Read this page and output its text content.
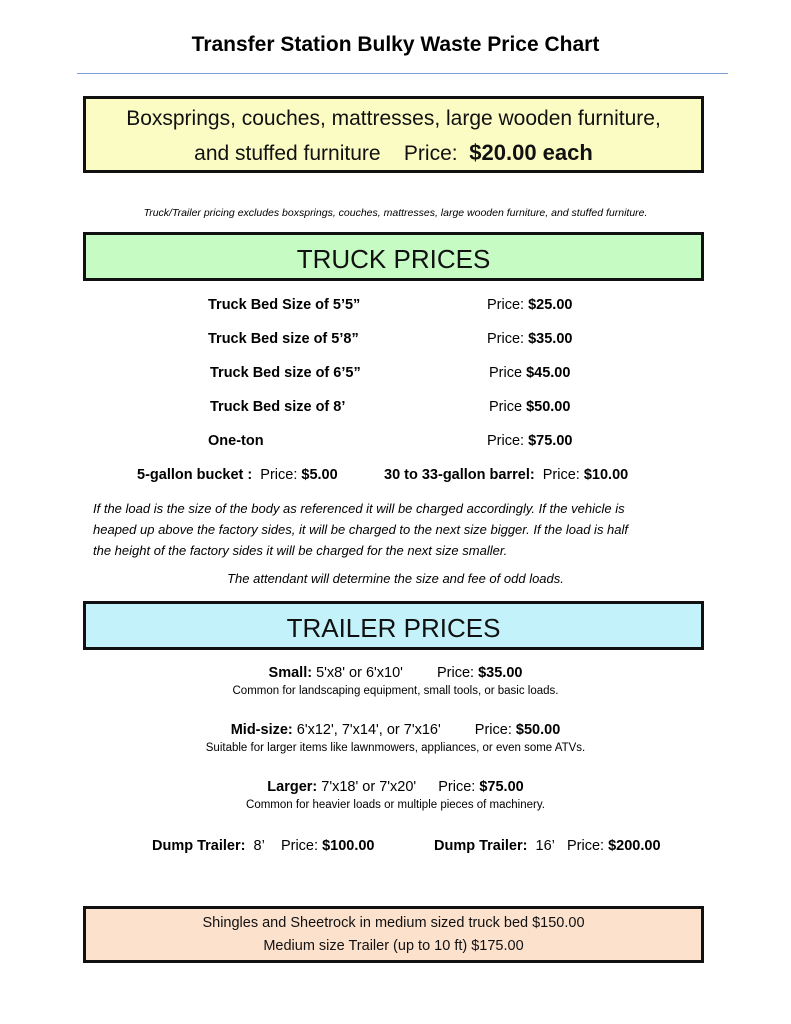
Transfer Station Bulky Waste Price Chart
Boxsprings, couches, mattresses, large wooden furniture,
and stuffed furniture Price: $20.00 each
Truck/Trailer pricing excludes boxsprings, couches, mattresses, large wooden furniture, and stuffed furniture.
TRUCK PRICES
Truck Bed Size of 5’5”	Price: $25.00
Truck Bed size of 5’8”	Price: $35.00
Truck Bed size of 6’5”	Price $45.00
Truck Bed size of 8’	Price $50.00
One-ton	Price: $75.00
5-gallon bucket : Price: $5.00	30 to 33-gallon barrel: Price: $10.00
If the load is the size of the body as referenced it will be charged accordingly. If the vehicle is
heaped up above the factory sides, it will be charged to the next size bigger. If the load is half
the height of the factory sides it will be charged for the next size smaller.
The attendant will determine the size and fee of odd loads.
TRAILER PRICES
Small: 5'x8' or 6'x10' Price: $35.00
Common for landscaping equipment, small tools, or basic loads.
Mid-size: 6'x12', 7'x14', or 7'x16' Price: $50.00
Suitable for larger items like lawnmowers, appliances, or even some ATVs.
Larger: 7'x18' or 7'x20' Price: $75.00
Common for heavier loads or multiple pieces of machinery.
Dump Trailer: 8’ Price: $100.00	Dump Trailer: 16’ Price: $200.00
Shingles and Sheetrock in medium sized truck bed $150.00
Medium size Trailer (up to 10 ft) $175.00
